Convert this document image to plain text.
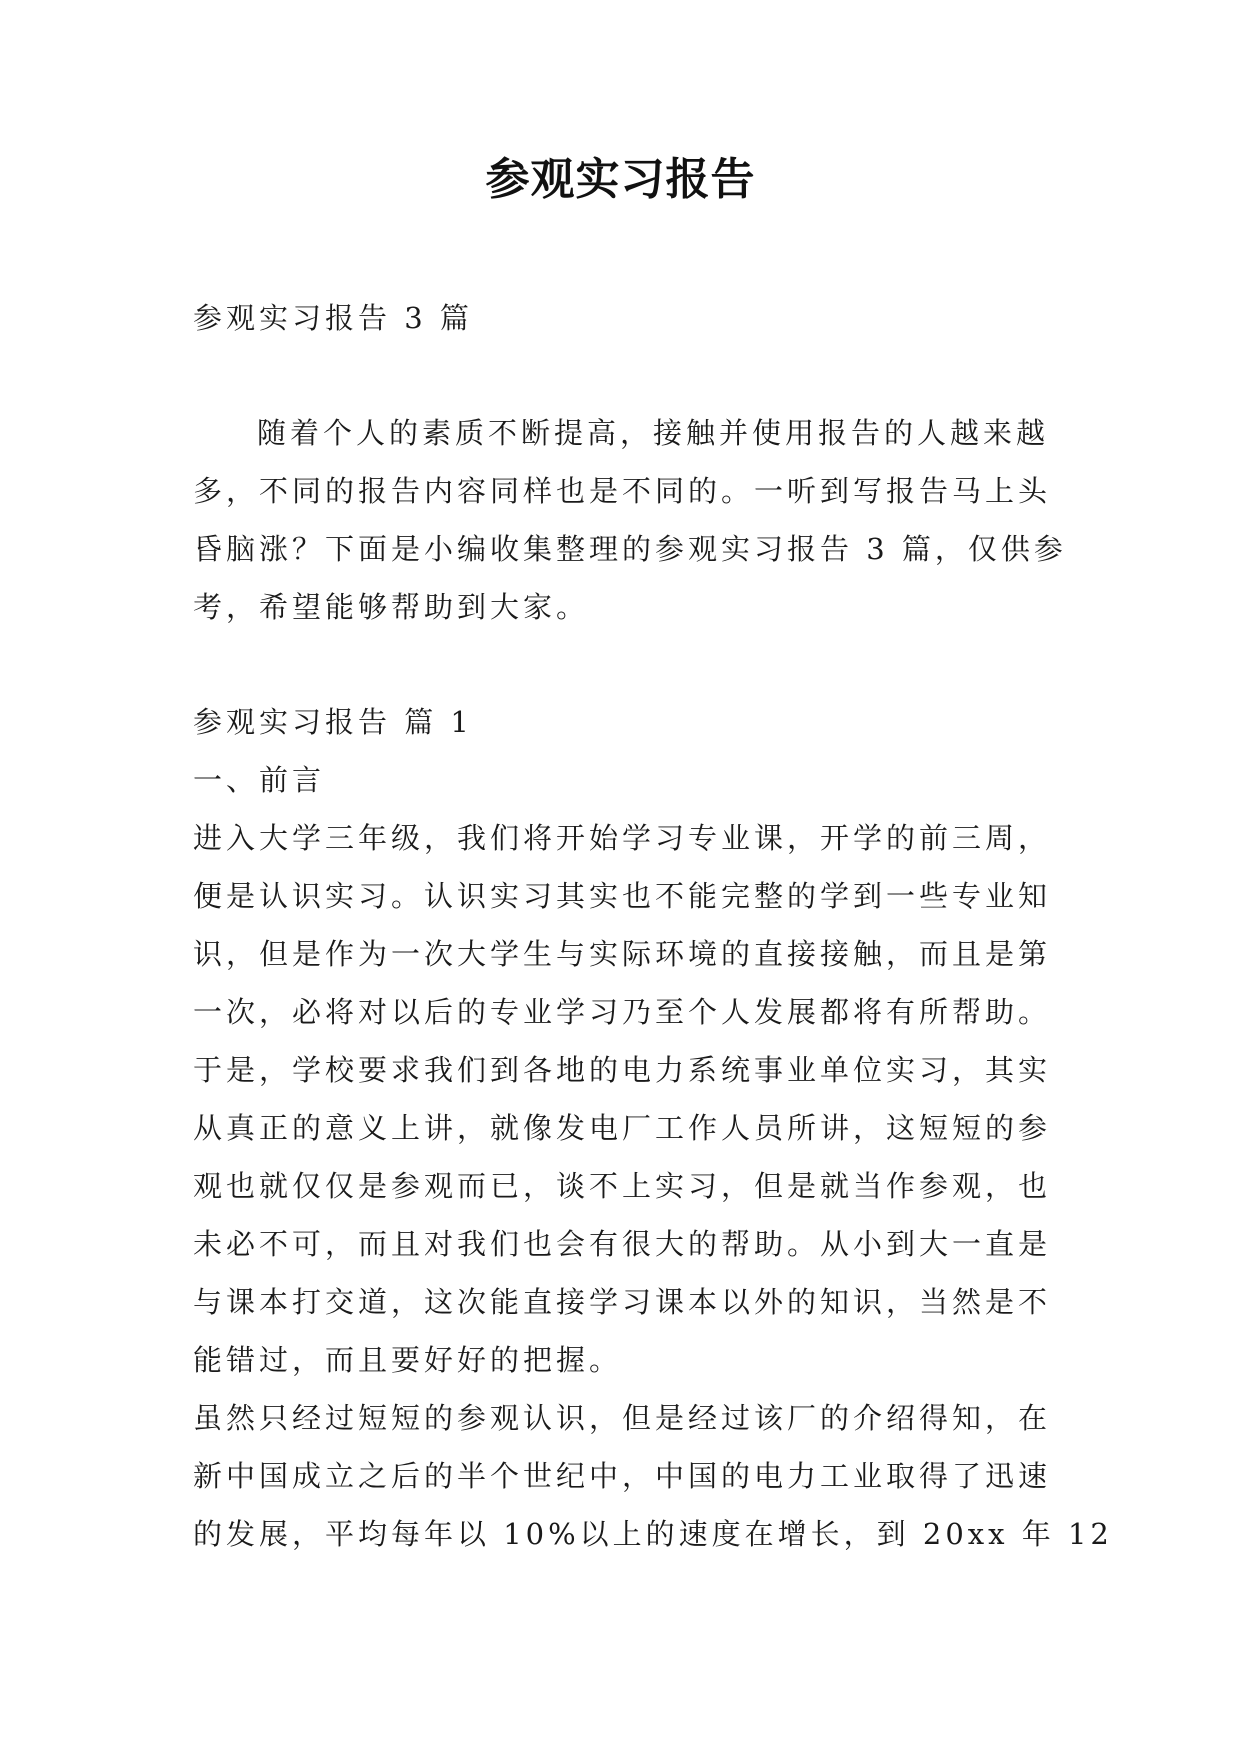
参观实习报告
参观实习报告 3 篇
随着个人的素质不断提高，接触并使用报告的人越来越
多，不同的报告内容同样也是不同的。一听到写报告马上头
昏脑涨？下面是小编收集整理的参观实习报告 3 篇，仅供参
考，希望能够帮助到大家。
参观实习报告 篇 1
一、前言
进入大学三年级，我们将开始学习专业课，开学的前三周，
便是认识实习。认识实习其实也不能完整的学到一些专业知
识，但是作为一次大学生与实际环境的直接接触，而且是第
一次，必将对以后的专业学习乃至个人发展都将有所帮助。
于是，学校要求我们到各地的电力系统事业单位实习，其实
从真正的意义上讲，就像发电厂工作人员所讲，这短短的参
观也就仅仅是参观而已，谈不上实习，但是就当作参观，也
未必不可，而且对我们也会有很大的帮助。从小到大一直是
与课本打交道，这次能直接学习课本以外的知识，当然是不
能错过，而且要好好的把握。
虽然只经过短短的参观认识，但是经过该厂的介绍得知，在
新中国成立之后的半个世纪中，中国的电力工业取得了迅速
的发展，平均每年以 10%以上的速度在增长，到 20xx 年 12
